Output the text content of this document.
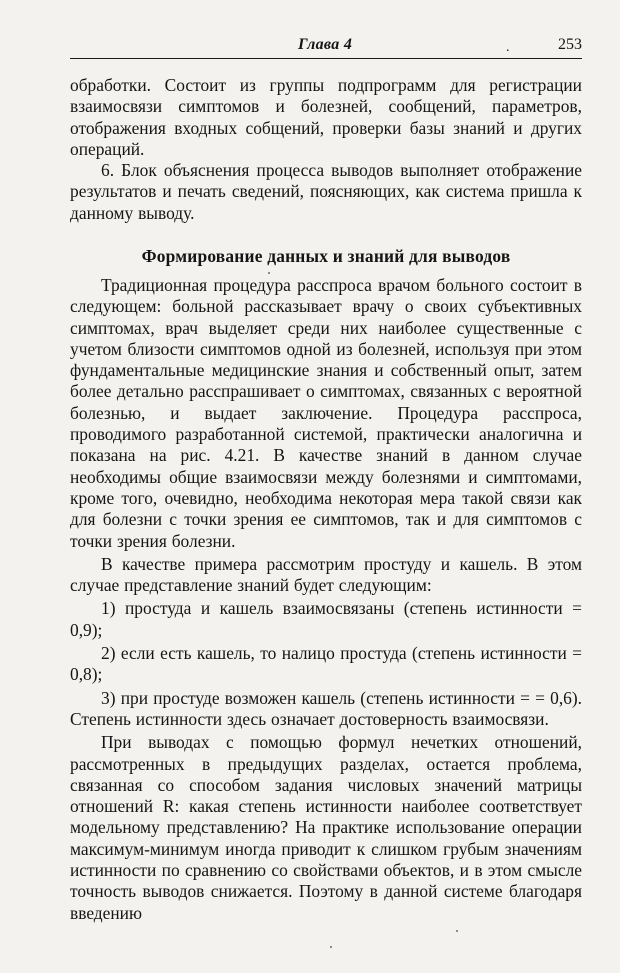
Глава 4	.	253

обработки. Состоит из группы подпрограмм для регистрации взаимосвязи симптомов и болезней, сообщений, параметров, отображения входных собщений, проверки базы знаний и других операций.

6. Блок объяснения процесса выводов выполняет отображение результатов и печать сведений, поясняющих, как система пришла к данному выводу.

Формирование данных и знаний для выводов

Традиционная процедура расспроса врачом больного состоит в следующем: больной рассказывает врачу о своих субъективных симптомах, врач выделяет среди них наиболее существенные с учетом близости симптомов одной из болезней, используя при этом фундаментальные медицинские знания и собственный опыт, затем более детально расспрашивает о симптомах, связанных с вероятной болезнью, и выдает заключение. Процедура расспроса, проводимого разработанной системой, практически аналогична и показана на рис. 4.21. В качестве знаний в данном случае необходимы общие взаимосвязи между болезнями и симптомами, кроме того, очевидно, необходима некоторая мера такой связи как для болезни с точки зрения ее симптомов, так и для симптомов с точки зрения болезни.

В качестве примера рассмотрим простуду и кашель. В этом случае представление знаний будет следующим:

1) простуда и кашель взаимосвязаны (степень истинности = 0,9);

2) если есть кашель, то налицо простуда (степень истинности = 0,8);

3) при простуде возможен кашель (степень истинности = = 0,6). Степень истинности здесь означает достоверность взаимосвязи.

При выводах с помощью формул нечетких отношений, рассмотренных в предыдущих разделах, остается проблема, связанная со способом задания числовых значений матрицы отношений R: какая степень истинности наиболее соответствует модельному представлению? На практике использование операции максимум-минимум иногда приводит к слишком грубым значениям истинности по сравнению со свойствами объектов, и в этом смысле точность выводов снижается. Поэтому в данной системе благодаря введению
